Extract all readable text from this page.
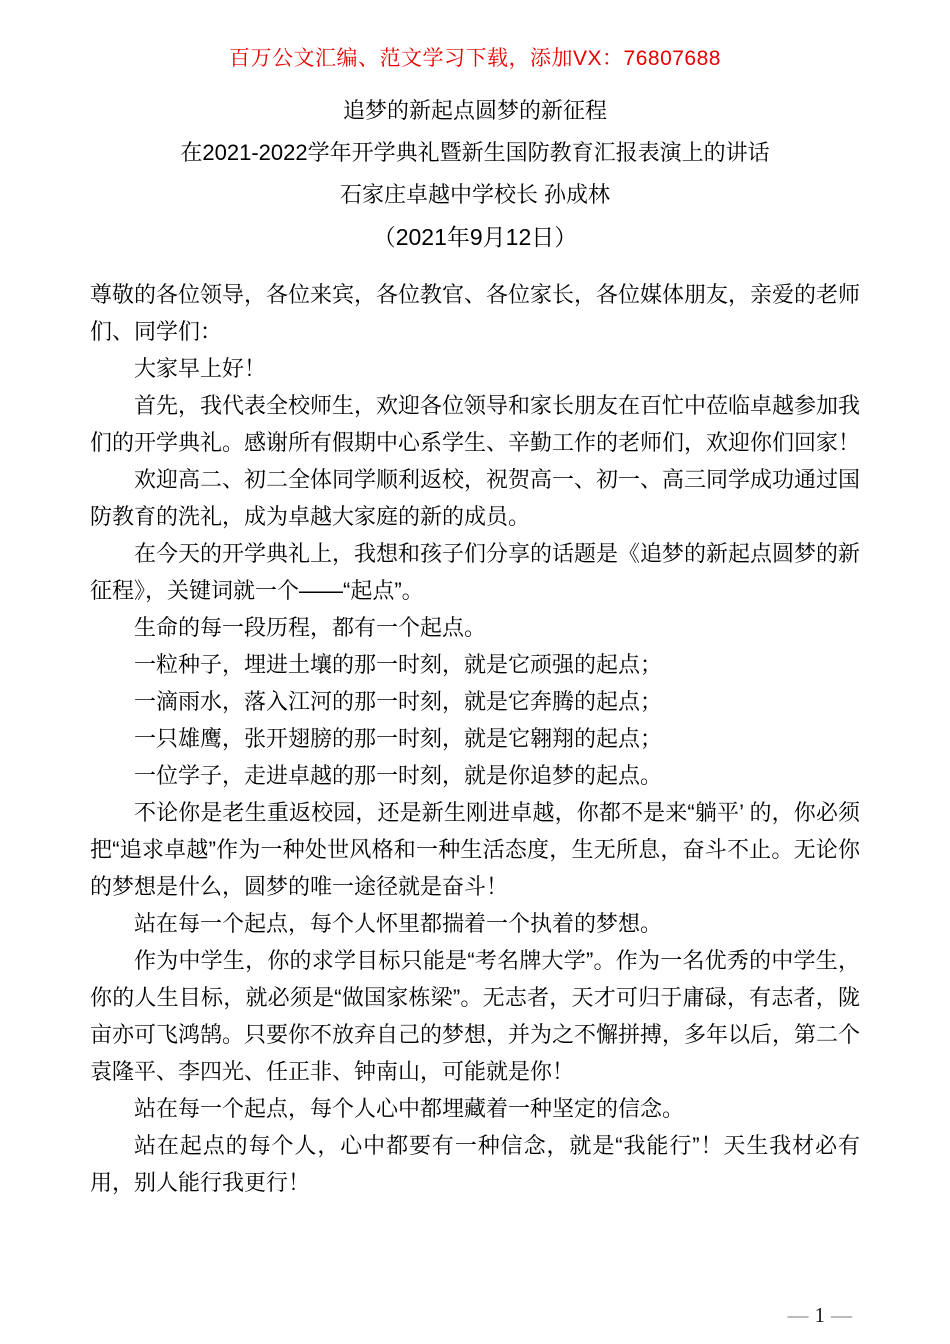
百万公文汇编、范文学习下载，添加VX：76807688
追梦的新起点圆梦的新征程
在2021-2022学年开学典礼暨新生国防教育汇报表演上的讲话
石家庄卓越中学校长 孙成林
（2021年9月12日）

尊敬的各位领导，各位来宾，各位教官、各位家长，各位媒体朋友，亲爱的老师们、同学们：

大家早上好！

首先，我代表全校师生，欢迎各位领导和家长朋友在百忙中莅临卓越参加我们的开学典礼。感谢所有假期中心系学生、辛勤工作的老师们，欢迎你们回家！

欢迎高二、初二全体同学顺利返校，祝贺高一、初一、高三同学成功通过国防教育的洗礼，成为卓越大家庭的新的成员。

在今天的开学典礼上，我想和孩子们分享的话题是《追梦的新起点圆梦的新征程》，关键词就一个——“起点”。

生命的每一段历程，都有一个起点。

一粒种子，埋进土壤的那一时刻，就是它顽强的起点；

一滴雨水，落入江河的那一时刻，就是它奔腾的起点；

一只雄鹰，张开翅膀的那一时刻，就是它翱翔的起点；

一位学子，走进卓越的那一时刻，就是你追梦的起点。

不论你是老生重返校园，还是新生刚进卓越，你都不是来“躺平’ 的，你必须把“追求卓越”作为一种处世风格和一种生活态度，生无所息，奋斗不止。无论你的梦想是什么，圆梦的唯一途径就是奋斗！

站在每一个起点，每个人怀里都揣着一个执着的梦想。

作为中学生，你的求学目标只能是“考名牌大学”。作为一名优秀的中学生，你的人生目标，就必须是“做国家栋梁”。无志者，天才可归于庸碌，有志者，陇亩亦可飞鸿鹄。只要你不放弃自己的梦想，并为之不懈拼搏，多年以后，第二个袁隆平、李四光、任正非、钟南山，可能就是你！

站在每一个起点，每个人心中都埋藏着一种坚定的信念。

站在起点的每个人，心中都要有一种信念，就是“我能行”！天生我材必有用，别人能行我更行！

— 1 —
